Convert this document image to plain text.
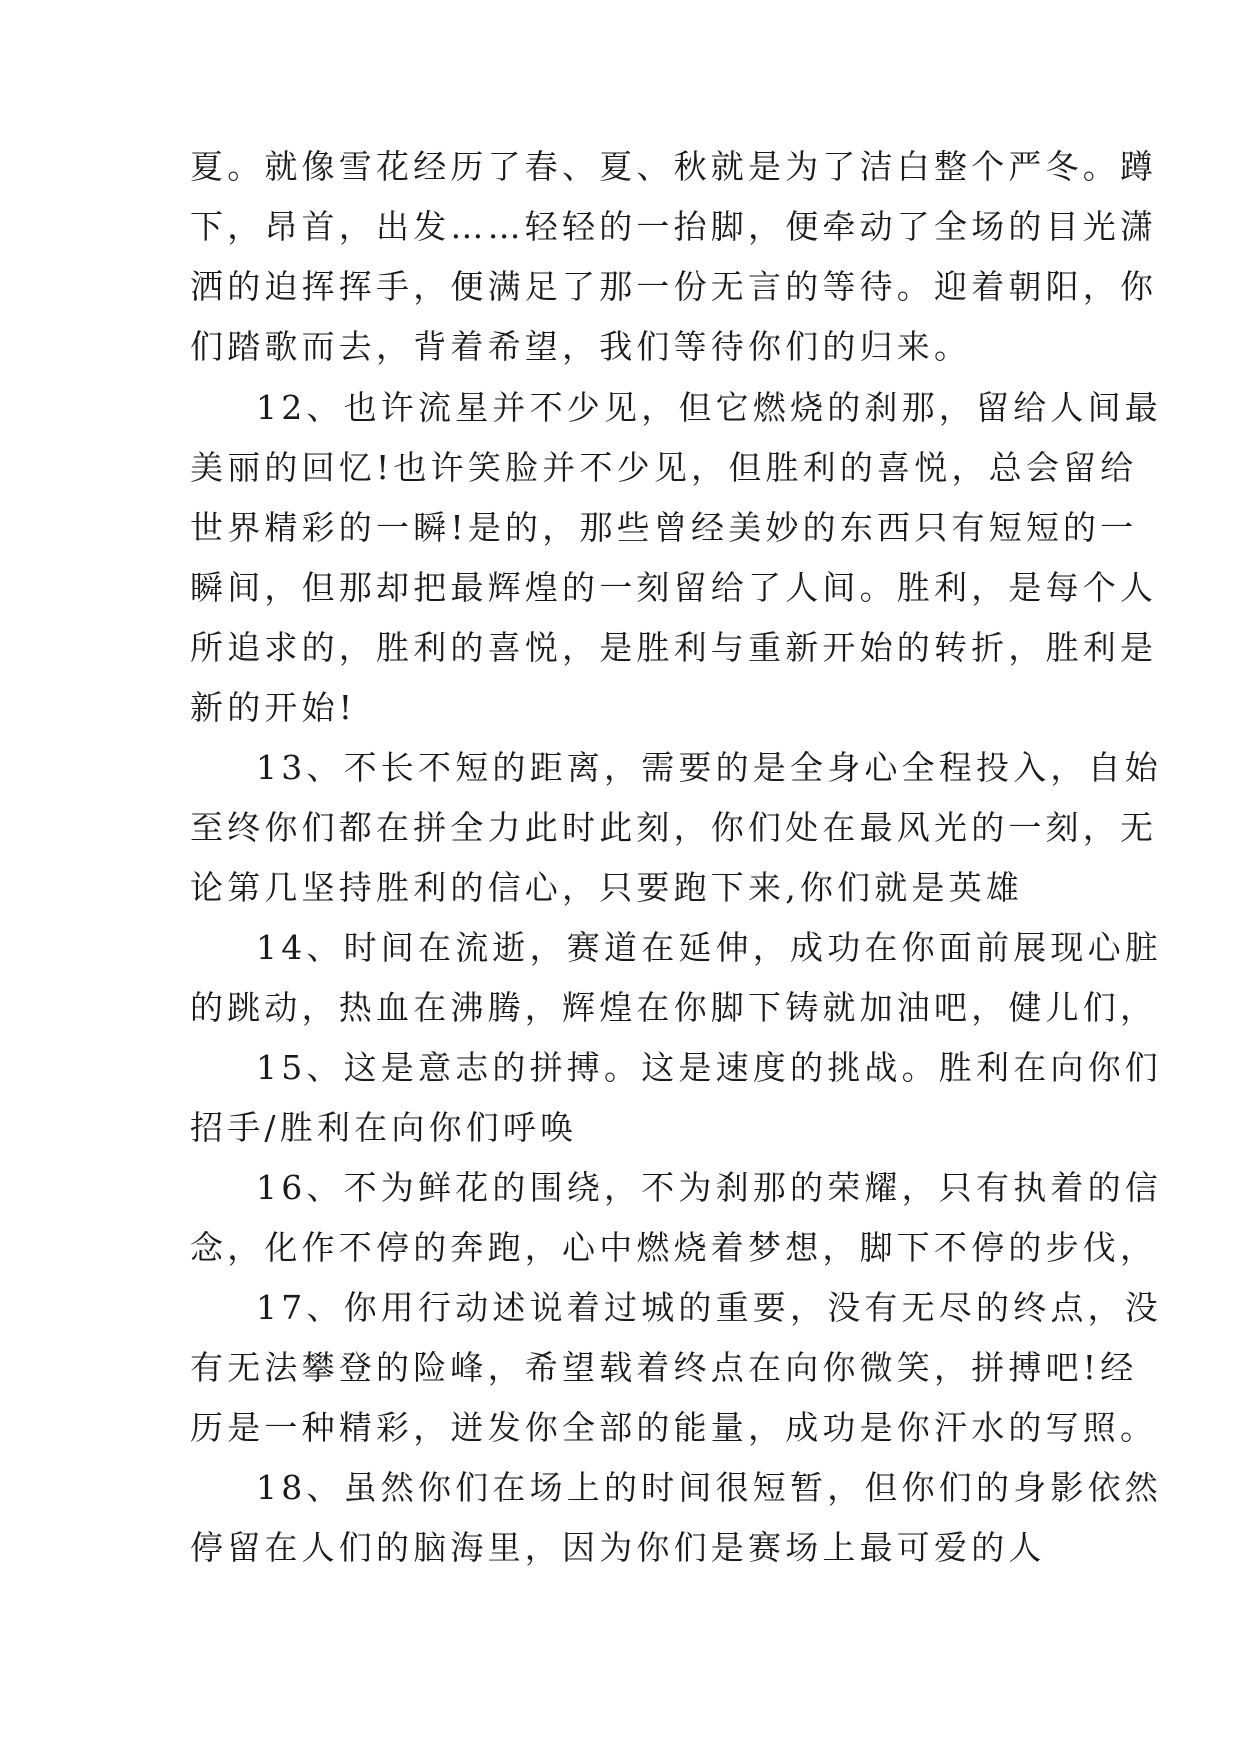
夏。就像雪花经历了春、夏、秋就是为了洁白整个严冬。蹲
下，昂首，出发……轻轻的一抬脚，便牵动了全场的目光潇
洒的迫挥挥手，便满足了那一份无言的等待。迎着朝阳，你
们踏歌而去，背着希望，我们等待你们的归来。
12、也许流星并不少见，但它燃烧的刹那，留给人间最
美丽的回忆!也许笑脸并不少见，但胜利的喜悦，总会留给
世界精彩的一瞬!是的，那些曾经美妙的东西只有短短的一
瞬间，但那却把最辉煌的一刻留给了人间。胜利，是每个人
所追求的，胜利的喜悦，是胜利与重新开始的转折，胜利是
新的开始!
13、不长不短的距离，需要的是全身心全程投入，自始
至终你们都在拼全力此时此刻，你们处在最风光的一刻，无
论第几坚持胜利的信心，只要跑下来,你们就是英雄
14、时间在流逝，赛道在延伸，成功在你面前展现心脏
的跳动，热血在沸腾，辉煌在你脚下铸就加油吧，健儿们，
15、这是意志的拼搏。这是速度的挑战。胜利在向你们
招手/胜利在向你们呼唤
16、不为鲜花的围绕，不为刹那的荣耀，只有执着的信
念，化作不停的奔跑，心中燃烧着梦想，脚下不停的步伐，
17、你用行动述说着过城的重要，没有无尽的终点，没
有无法攀登的险峰，希望载着终点在向你微笑，拼搏吧!经
历是一种精彩，迸发你全部的能量，成功是你汗水的写照。
18、虽然你们在场上的时间很短暂，但你们的身影依然
停留在人们的脑海里，因为你们是赛场上最可爱的人
